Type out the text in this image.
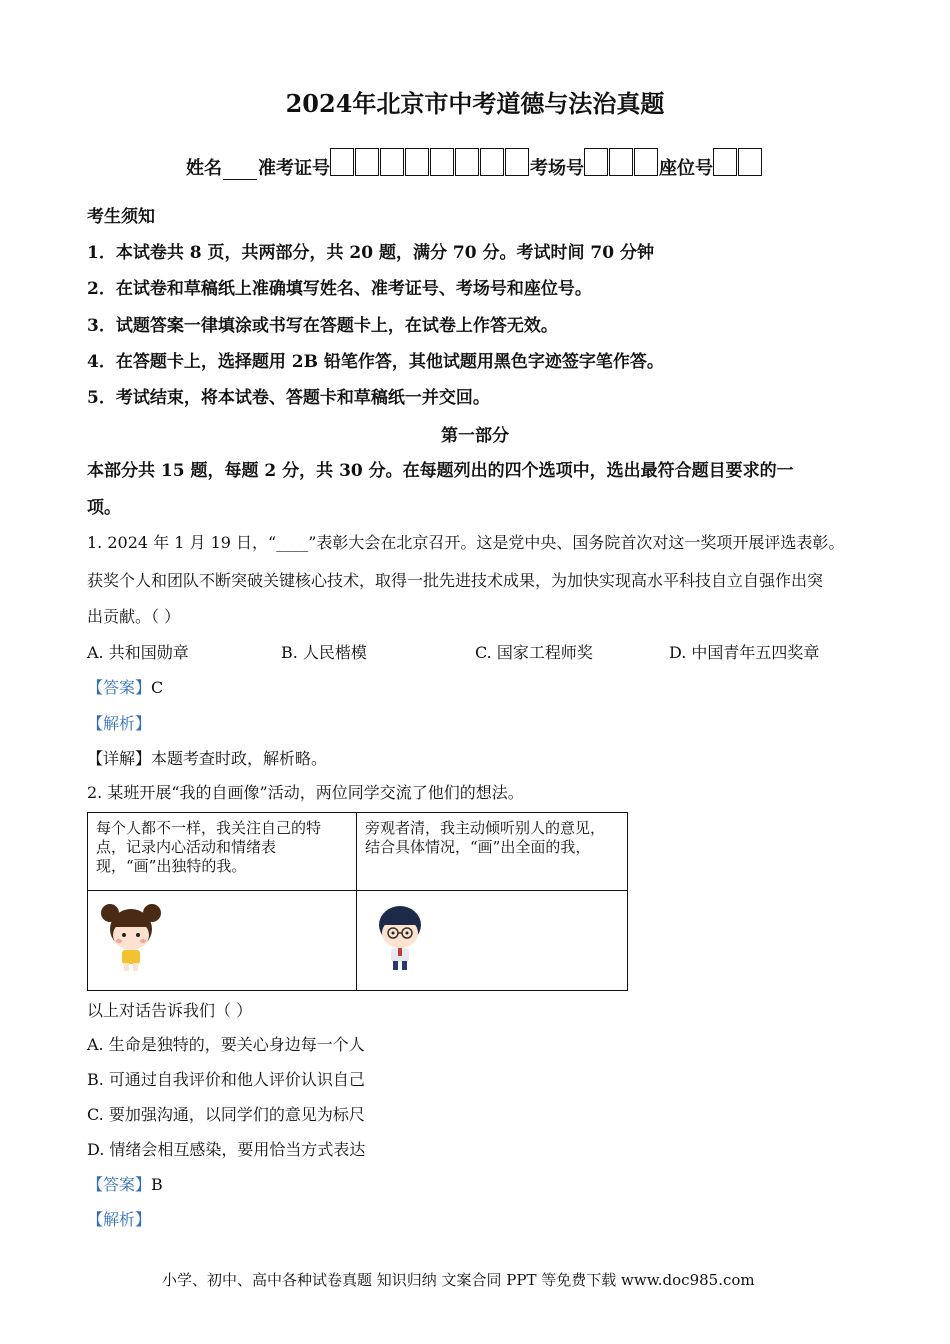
2024年北京市中考道德与法治真题
姓名 准考证号	考场号	座位号
考生须知
1．本试卷共 8 页，共两部分，共 20 题，满分 70 分。考试时间 70 分钟
2．在试卷和草稿纸上准确填写姓名、准考证号、考场号和座位号。
3．试题答案一律填涂或书写在答题卡上，在试卷上作答无效。
4．在答题卡上，选择题用 2B 铅笔作答，其他试题用黑色字迹签字笔作答。
5．考试结束，将本试卷、答题卡和草稿纸一并交回。
第一部分
本部分共 15 题，每题 2 分，共 30 分。在每题列出的四个选项中，选出最符合题目要求的一
项。
1. 2024 年 1 月 19 日，“____”表彰大会在北京召开。这是党中央、国务院首次对这一奖项开展评选表彰。
获奖个人和团队不断突破关键核心技术，取得一批先进技术成果，为加快实现高水平科技自立自强作出突
出贡献。（ ）
A. 共和国勋章	B. 人民楷模	C. 国家工程师奖	D. 中国青年五四奖章
【答案】C
【解析】
【详解】本题考查时政，解析略。
2. 某班开展“我的自画像”活动，两位同学交流了他们的想法。
每个人都不一样，我关注自己的特点，记录内心活动和情绪表现，“画”出独特的我。	旁观者清，我主动倾听别人的意见，结合具体情况，“画”出全面的我，

以上对话告诉我们（ ）
A. 生命是独特的，要关心身边每一个人
B. 可通过自我评价和他人评价认识自己
C. 要加强沟通，以同学们的意见为标尺
D. 情绪会相互感染，要用恰当方式表达
【答案】B
【解析】
小学、初中、高中各种试卷真题 知识归纳 文案合同 PPT 等免费下载 www.doc985.com
